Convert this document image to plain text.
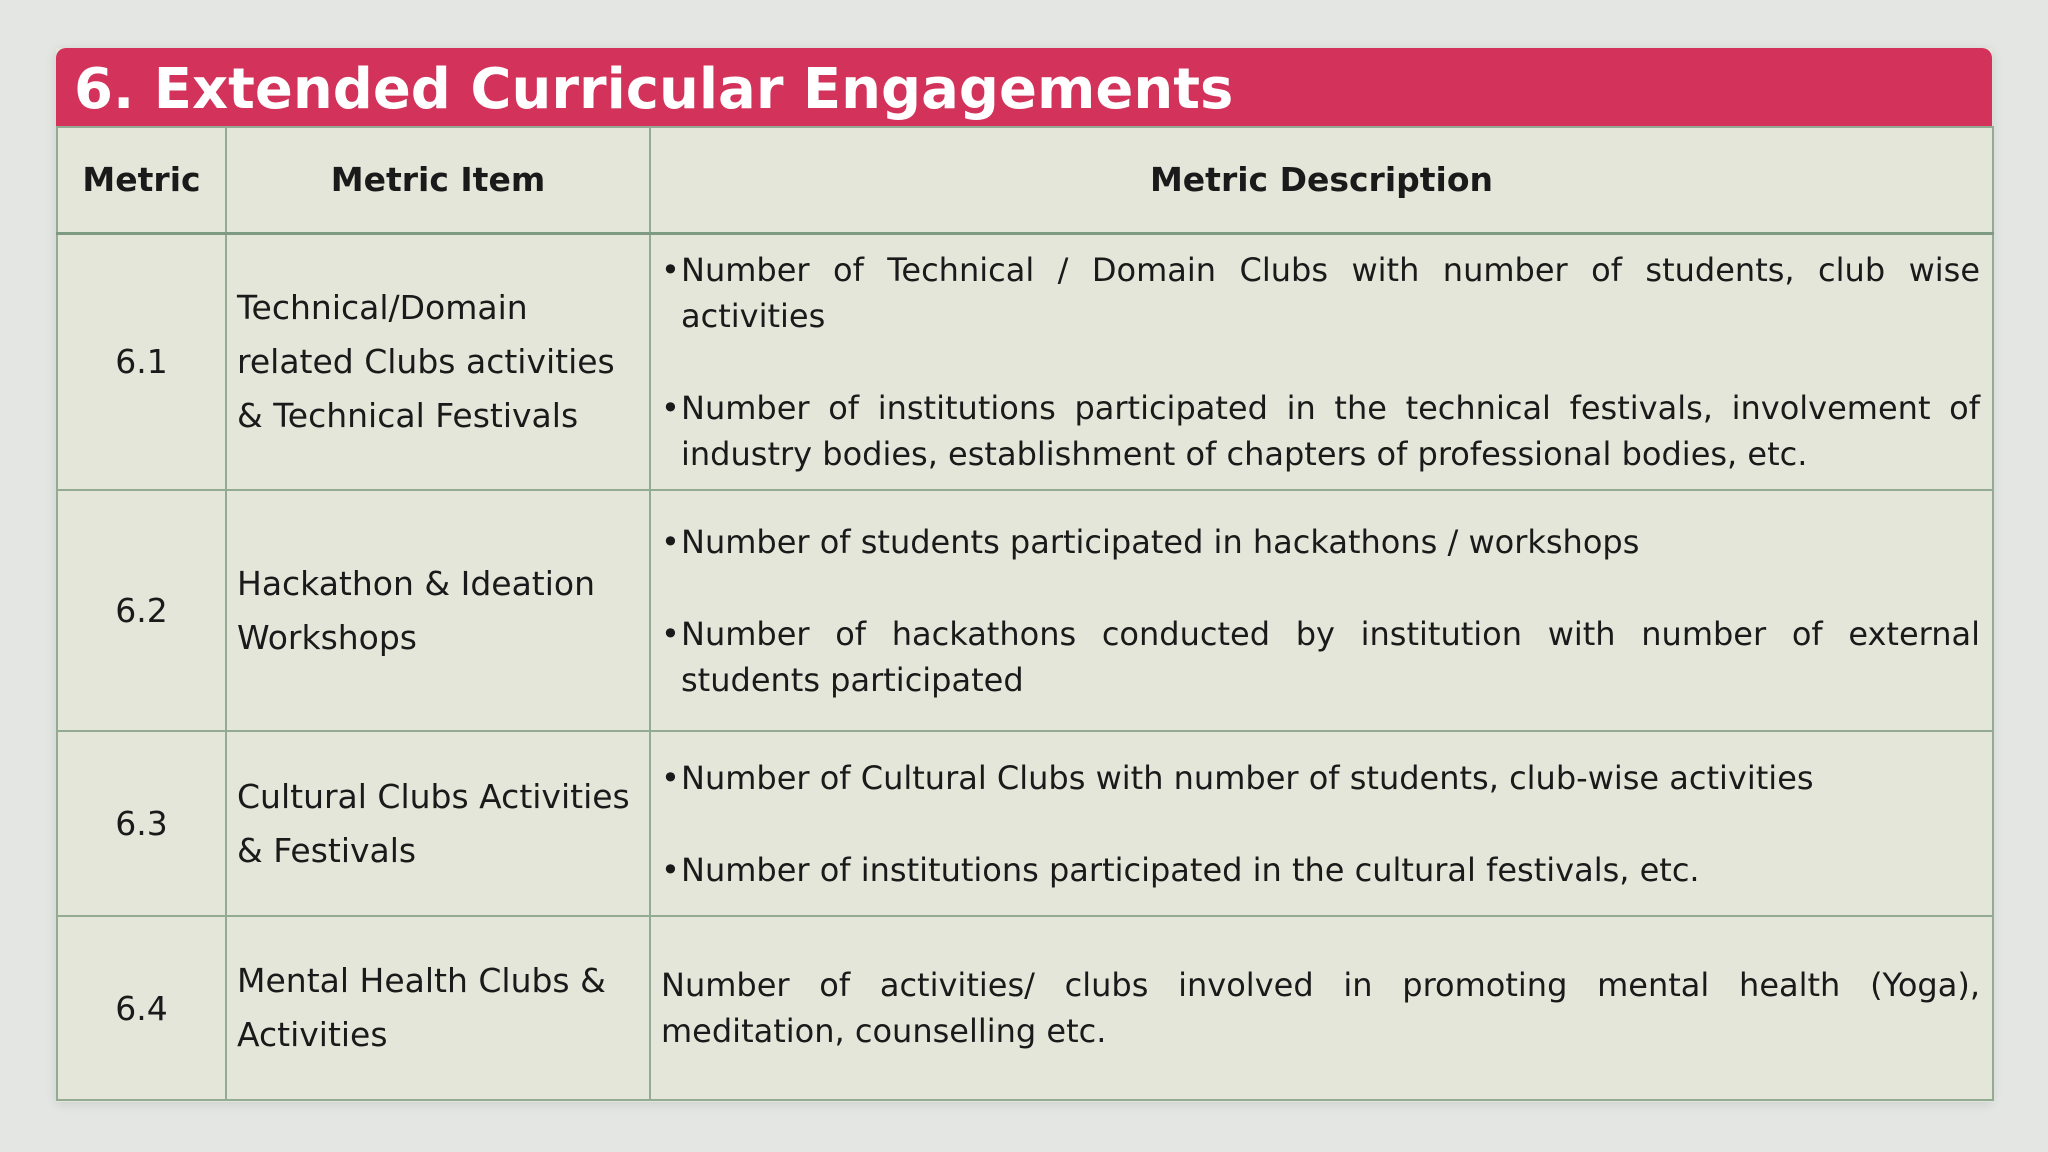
6. Extended Curricular Engagements
Metric	Metric Item	Metric Description
6.1	Technical/Domain related Clubs activities & Technical Festivals	• Number of Technical / Domain Clubs with number of students, club wise activities
• Number of institutions participated in the technical festivals, involvement of industry bodies, establishment of chapters of professional bodies, etc.

6.2	Hackathon & Ideation Workshops	• Number of students participated in hackathons / workshops
• Number of hackathons conducted by institution with number of external students participated

6.3	Cultural Clubs Activities & Festivals	• Number of Cultural Clubs with number of students, club-wise activities
• Number of institutions participated in the cultural festivals, etc.

6.4	Mental Health Clubs & Activities	Number of activities/ clubs involved in promoting mental health (Yoga), meditation, counselling etc.
